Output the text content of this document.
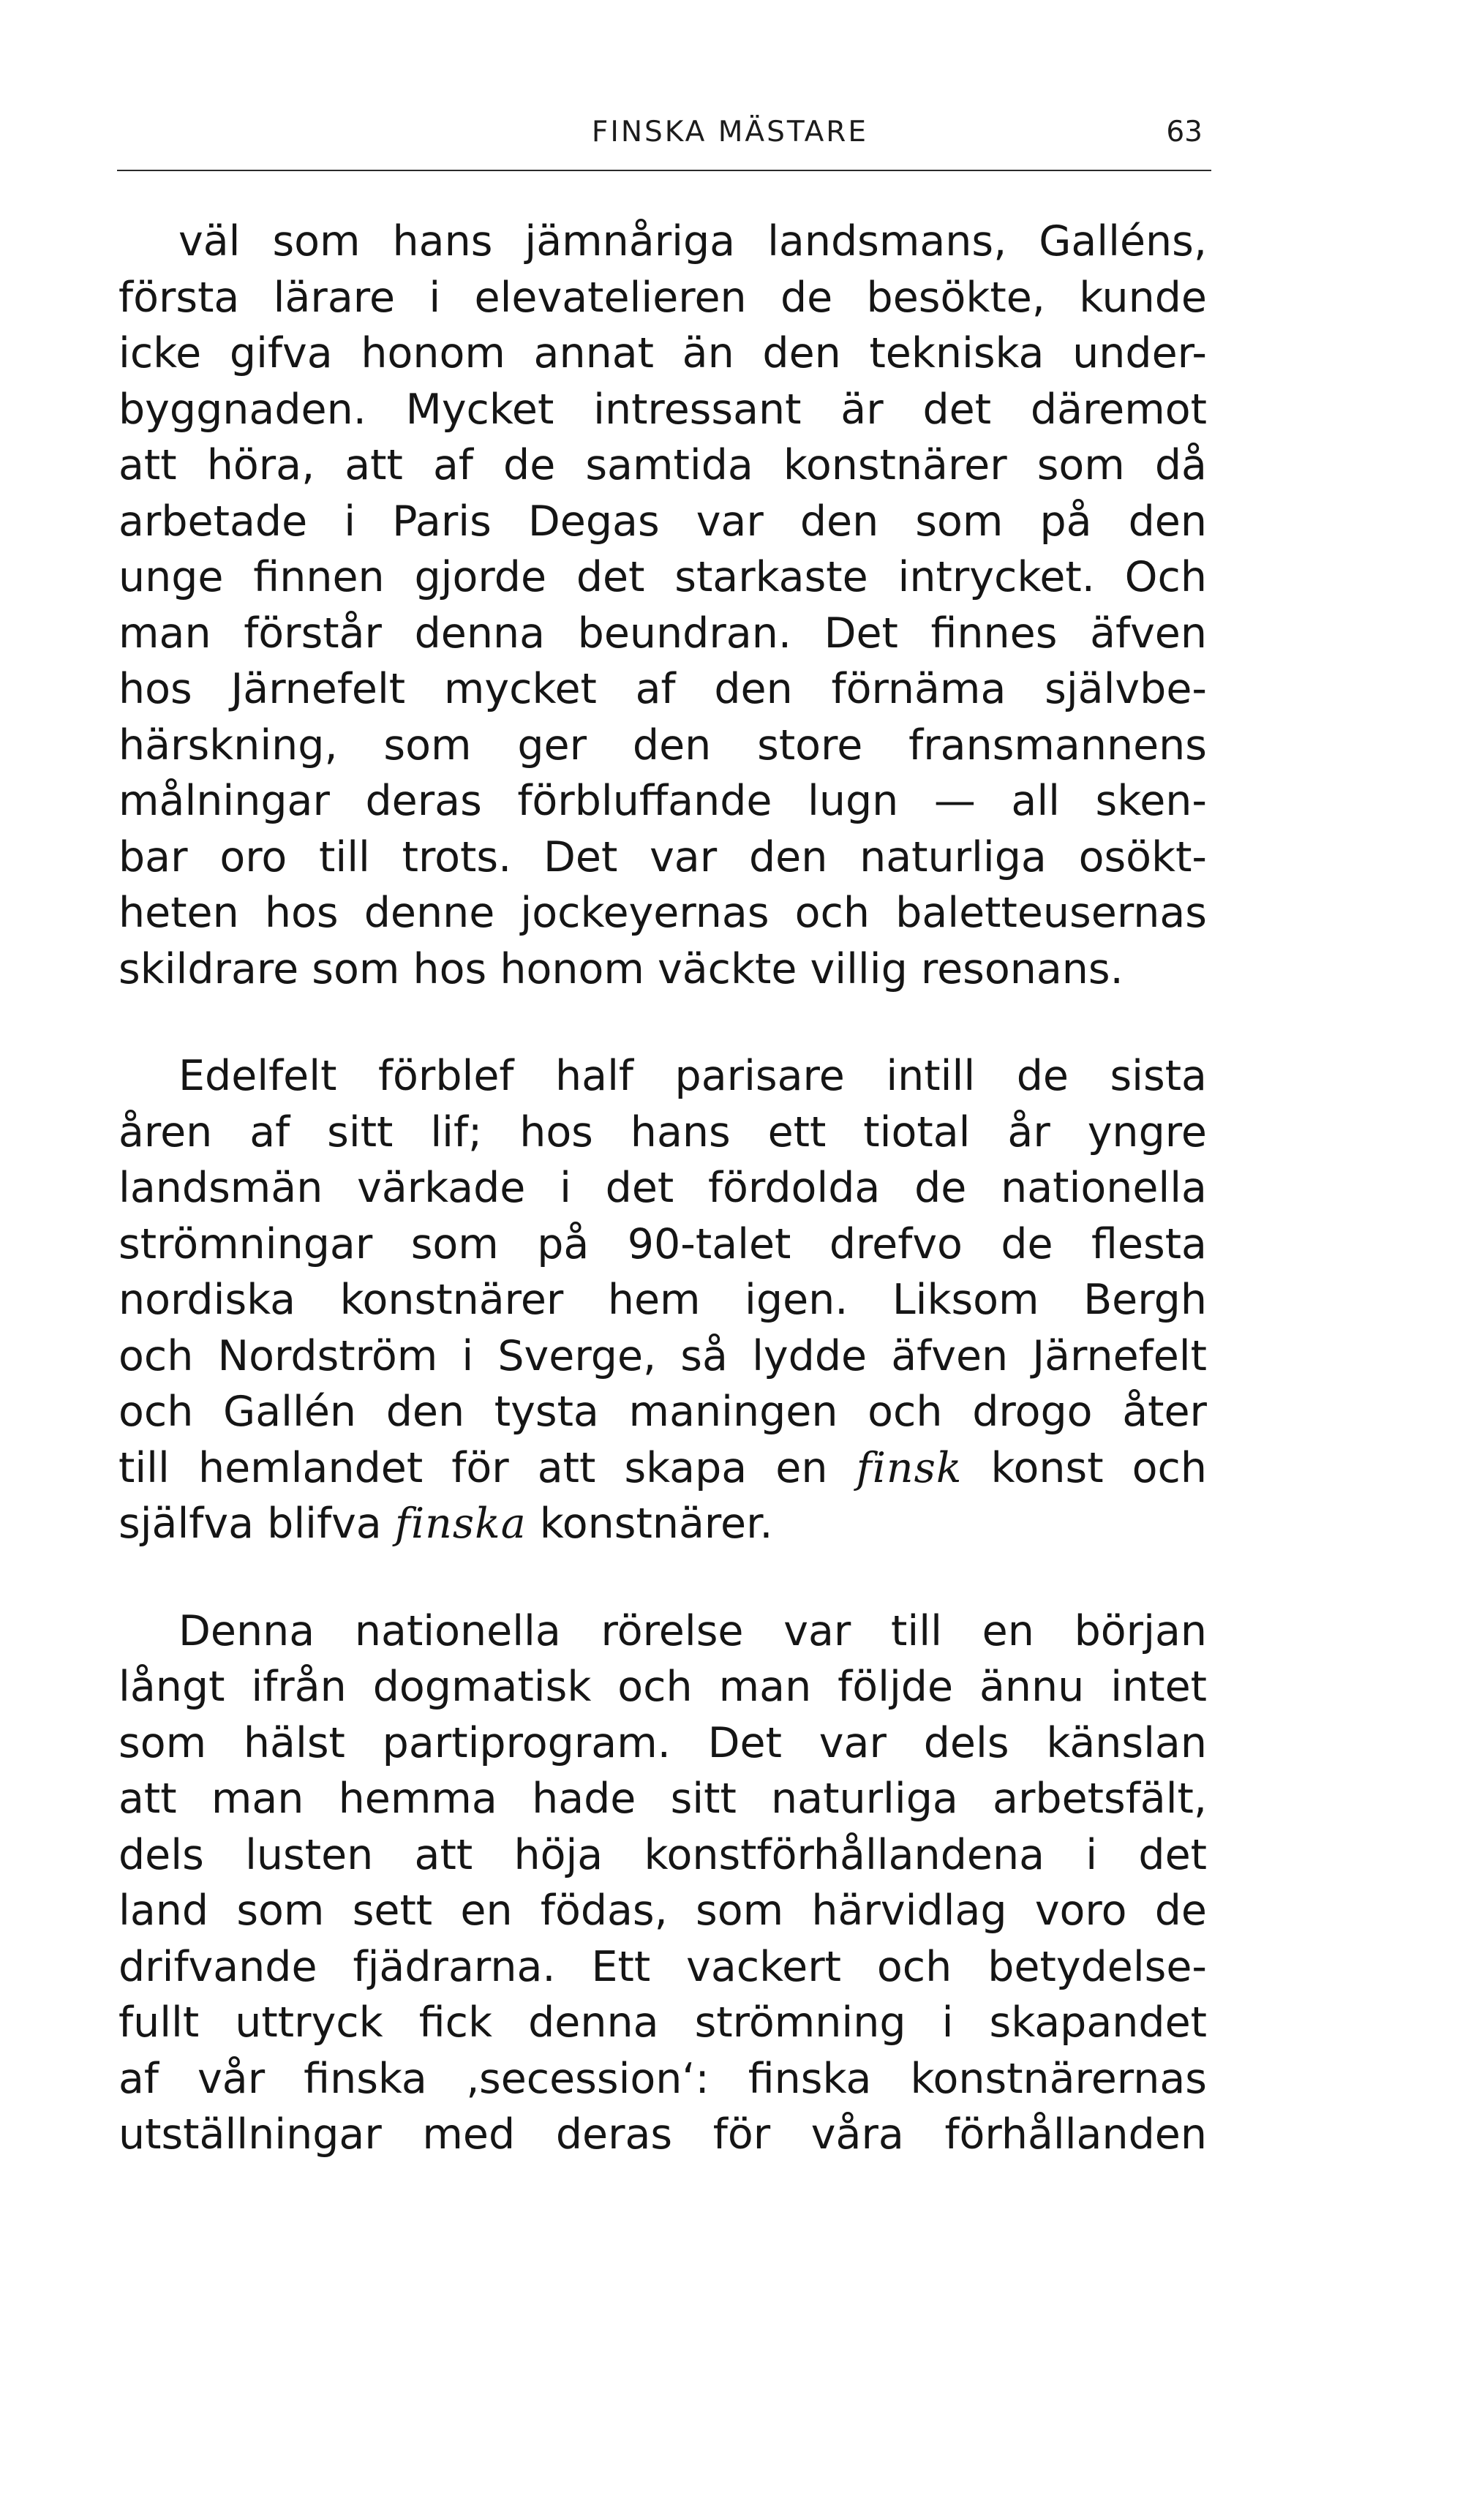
FINSKA MÄSTARE	63
väl som hans jämnåriga landsmans, Galléns,
första lärare i elevatelieren de besökte, kunde
icke gifva honom annat än den tekniska under-
byggnaden. Mycket intressant är det däremot
att höra, att af de samtida konstnärer som då
arbetade i Paris Degas var den som på den
unge finnen gjorde det starkaste intrycket. Och
man förstår denna beundran. Det finnes äfven
hos Järnefelt mycket af den förnäma självbe-
härskning, som ger den store fransmannens
målningar deras förbluffande lugn — all sken-
bar oro till trots. Det var den naturliga osökt-
heten hos denne jockeyernas och baletteusernas
skildrare som hos honom väckte villig resonans.
Edelfelt förblef half parisare intill de sista
åren af sitt lif; hos hans ett tiotal år yngre
landsmän värkade i det fördolda de nationella
strömningar som på 90-talet drefvo de flesta
nordiska konstnärer hem igen. Liksom Bergh
och Nordström i Sverge, så lydde äfven Järnefelt
och Gallén den tysta maningen och drogo åter
till hemlandet för att skapa en finsk konst och
själfva blifva finska konstnärer.
Denna nationella rörelse var till en början
långt ifrån dogmatisk och man följde ännu intet
som hälst partiprogram. Det var dels känslan
att man hemma hade sitt naturliga arbetsfält,
dels lusten att höja konstförhållandena i det
land som sett en födas, som härvidlag voro de
drifvande fjädrarna. Ett vackert och betydelse-
fullt uttryck fick denna strömning i skapandet
af vår finska ‚secession‘: finska konstnärernas
utställningar med deras för våra förhållanden
